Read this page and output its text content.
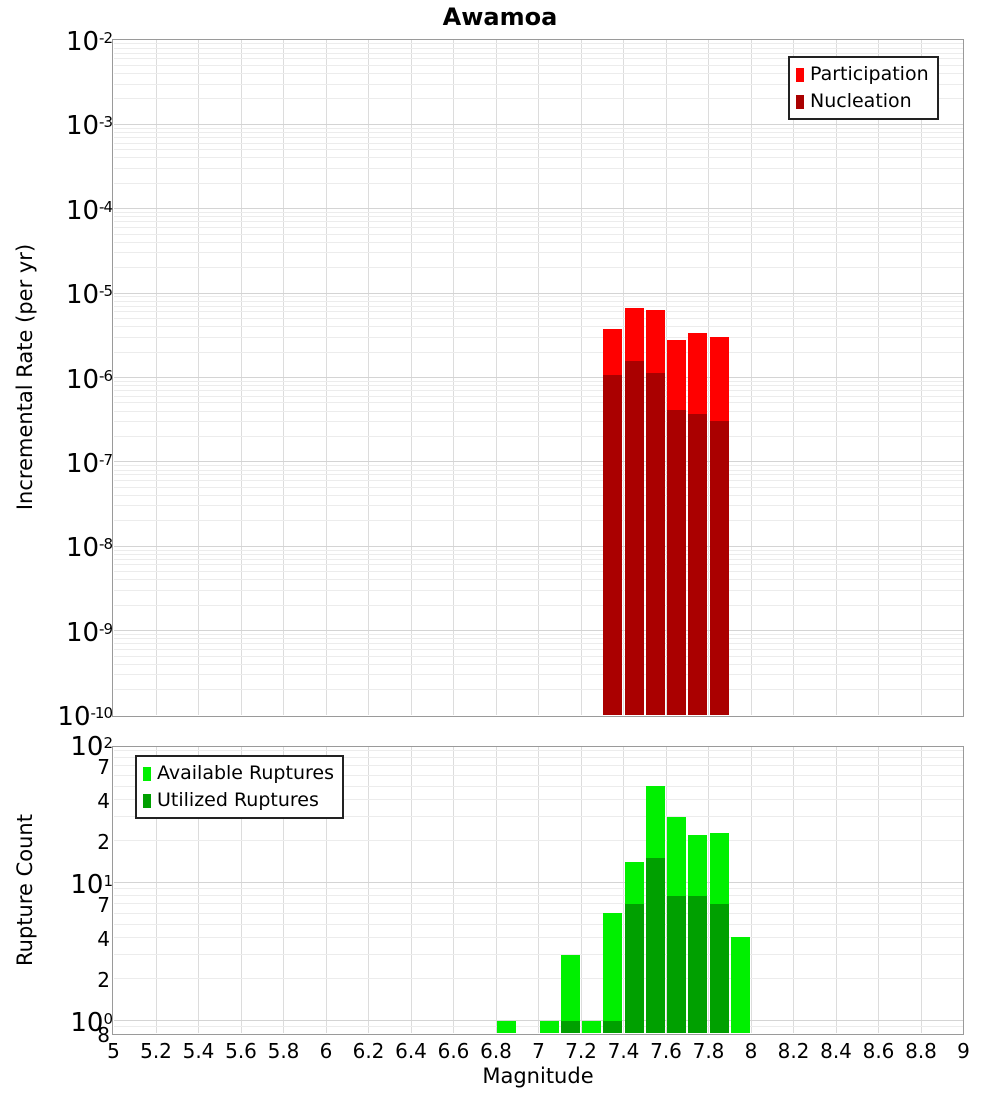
Awamoa
Incremental Rate (per yr)
Participation
Nucleation
Rupture Count
Available Ruptures
Utilized Ruptures
5	5.2 5.4 5.6 5.8	6	6.2 6.4 6.6 6.8	7	7.2 7.4 7.6 7.8	8	8.2 8.4 8.6 8.8	9
Magnitude
$10^{-2}$
$10^{-3}$
$10^{-4}$
$10^{-5}$
$10^{-6}$
$10^{-7}$
$10^{-8}$
$10^{-9}$
$10^{-10}$
$10^2$
7
4
2
$10^1$
7
4
2
$10^0$
8
